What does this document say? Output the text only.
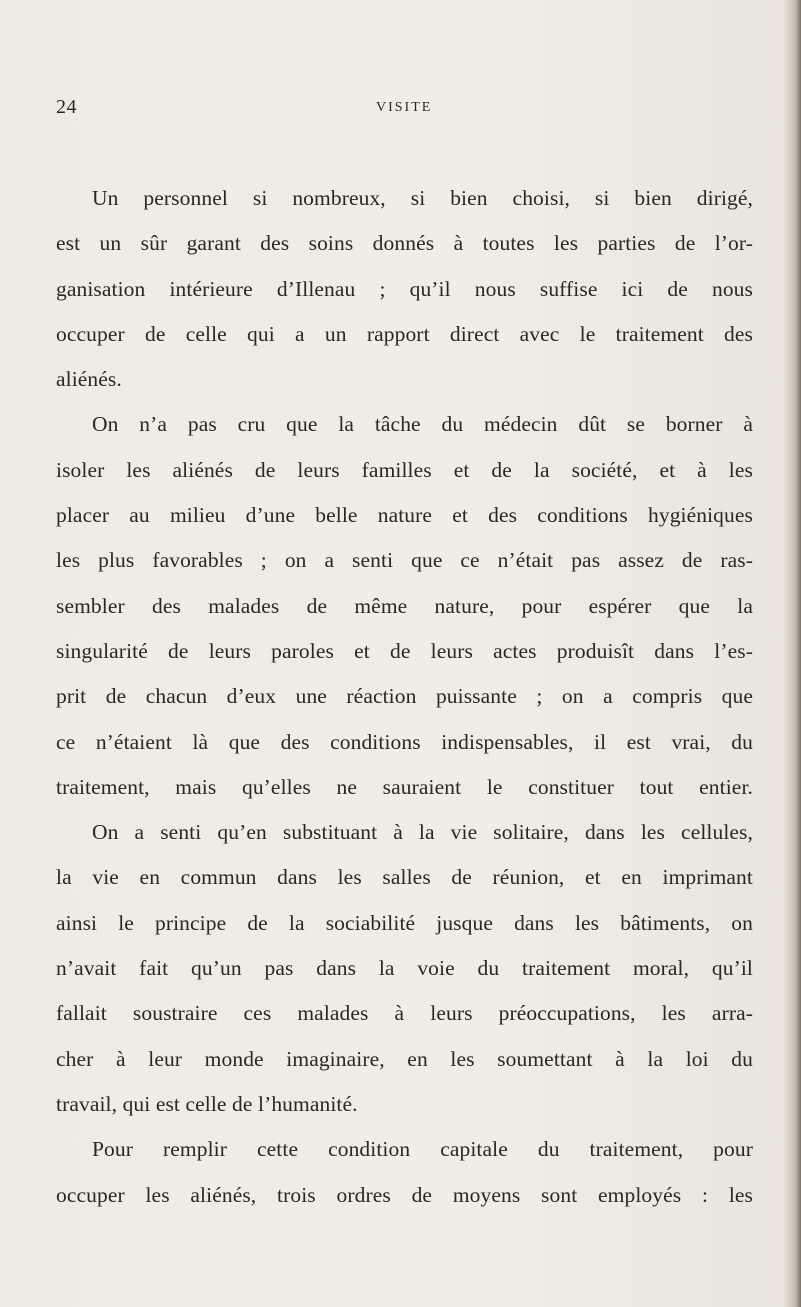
24	VISITE
Un personnel si nombreux, si bien choisi, si bien dirigé,
est un sûr garant des soins donnés à toutes les parties de l’or-
ganisation intérieure d’Illenau ; qu’il nous suffise ici de nous
occuper de celle qui a un rapport direct avec le traitement des
aliénés.
On n’a pas cru que la tâche du médecin dût se borner à
isoler les aliénés de leurs familles et de la société, et à les
placer au milieu d’une belle nature et des conditions hygiéniques
les plus favorables ; on a senti que ce n’était pas assez de ras-
sembler des malades de même nature, pour espérer que la
singularité de leurs paroles et de leurs actes produisît dans l’es-
prit de chacun d’eux une réaction puissante ; on a compris que
ce n’étaient là que des conditions indispensables, il est vrai, du
traitement, mais qu’elles ne sauraient le constituer tout entier.
On a senti qu’en substituant à la vie solitaire, dans les cellules,
la vie en commun dans les salles de réunion, et en imprimant
ainsi le principe de la sociabilité jusque dans les bâtiments, on
n’avait fait qu’un pas dans la voie du traitement moral, qu’il
fallait soustraire ces malades à leurs préoccupations, les arra-
cher à leur monde imaginaire, en les soumettant à la loi du
travail, qui est celle de l’humanité.
Pour remplir cette condition capitale du traitement, pour
occuper les aliénés, trois ordres de moyens sont employés : les
